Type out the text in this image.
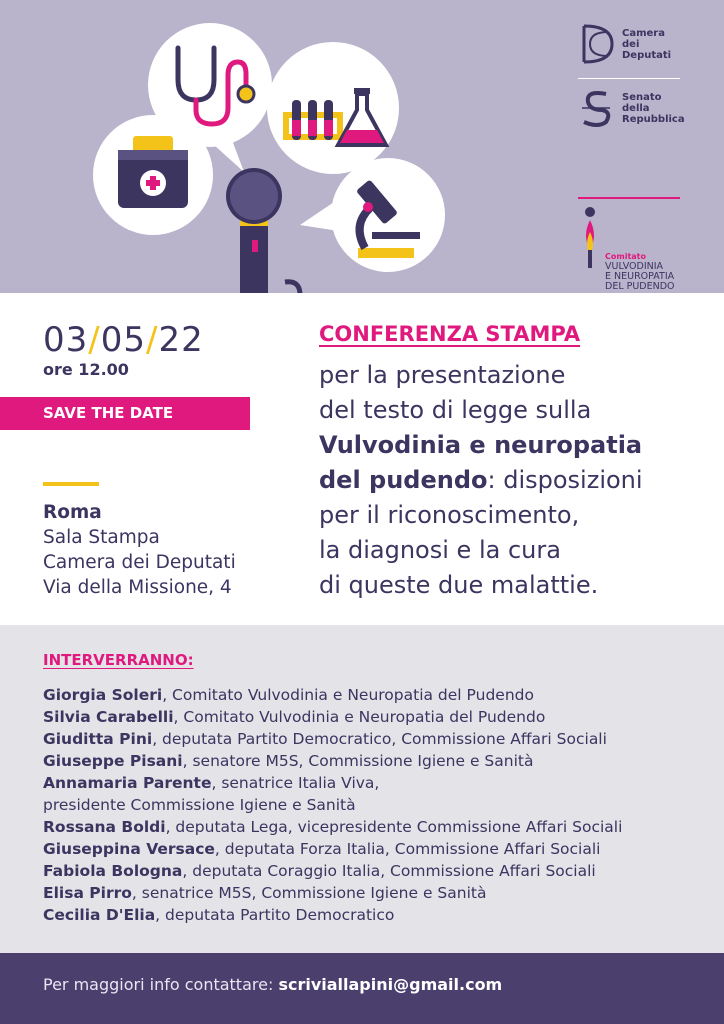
Camera
dei
Deputati
Senato
della
Repubblica
Comitato
VULVODINIA
E NEUROPATIA
DEL PUDENDO
03/05/22
ore 12.00
SAVE THE DATE
Roma
Sala Stampa
Camera dei Deputati
Via della Missione, 4
CONFERENZA STAMPA
per la presentazione
del testo di legge sulla
Vulvodinia e neuropatia
del pudendo: disposizioni
per il riconoscimento,
la diagnosi e la cura
di queste due malattie.
INTERVERRANNO:
Giorgia Soleri, Comitato Vulvodinia e Neuropatia del Pudendo
Silvia Carabelli, Comitato Vulvodinia e Neuropatia del Pudendo
Giuditta Pini, deputata Partito Democratico, Commissione Affari Sociali
Giuseppe Pisani, senatore M5S, Commissione Igiene e Sanità
Annamaria Parente, senatrice Italia Viva,
presidente Commissione Igiene e Sanità
Rossana Boldi, deputata Lega, vicepresidente Commissione Affari Sociali
Giuseppina Versace, deputata Forza Italia, Commissione Affari Sociali
Fabiola Bologna, deputata Coraggio Italia, Commissione Affari Sociali
Elisa Pirro, senatrice M5S, Commissione Igiene e Sanità
Cecilia D'Elia, deputata Partito Democratico
Per maggiori info contattare: scriviallapini@gmail.com
